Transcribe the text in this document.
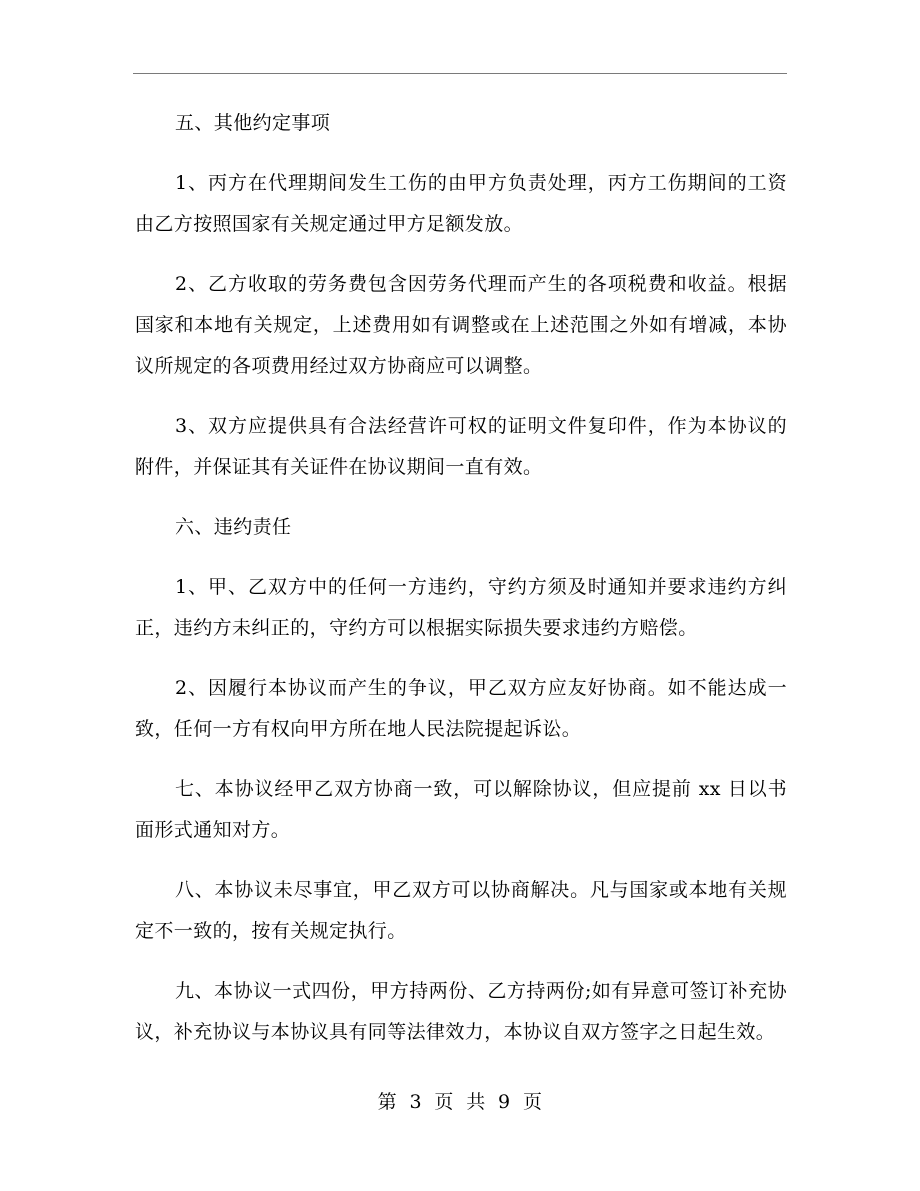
五、其他约定事项

1、丙方在代理期间发生工伤的由甲方负责处理，丙方工伤期间的工资由乙方按照国家有关规定通过甲方足额发放。

2、乙方收取的劳务费包含因劳务代理而产生的各项税费和收益。根据国家和本地有关规定，上述费用如有调整或在上述范围之外如有增减，本协议所规定的各项费用经过双方协商应可以调整。

3、双方应提供具有合法经营许可权的证明文件复印件，作为本协议的附件，并保证其有关证件在协议期间一直有效。

六、违约责任

1、甲、乙双方中的任何一方违约，守约方须及时通知并要求违约方纠正，违约方未纠正的，守约方可以根据实际损失要求违约方赔偿。

2、因履行本协议而产生的争议，甲乙双方应友好协商。如不能达成一致，任何一方有权向甲方所在地人民法院提起诉讼。

七、本协议经甲乙双方协商一致，可以解除协议，但应提前 xx 日以书面形式通知对方。

八、本协议未尽事宜，甲乙双方可以协商解决。凡与国家或本地有关规定不一致的，按有关规定执行。

九、本协议一式四份，甲方持两份、乙方持两份;如有异意可签订补充协议，补充协议与本协议具有同等法律效力，本协议自双方签字之日起生效。

第 3 页 共 9 页
